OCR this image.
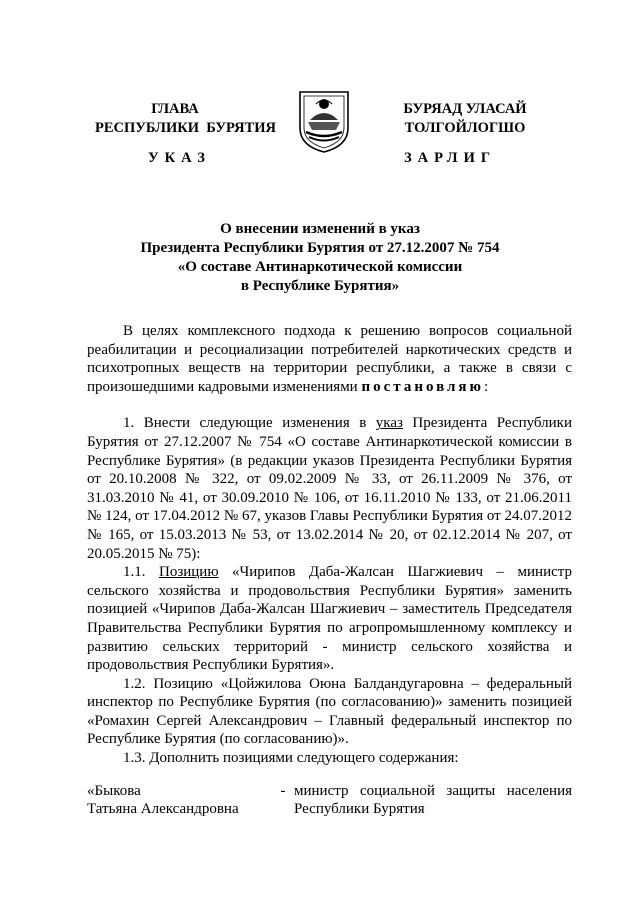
ГЛАВА
РЕСПУБЛИКИ  БУРЯТИЯ
БУРЯАД УЛАСАЙ
ТОЛГОЙЛОГШО
УКАЗ	ЗАРЛИГ
О внесении изменений в указ
Президента Республики Бурятия от 27.12.2007 № 754
«О составе Антинаркотической комиссии
в Республике Бурятия»

В целях комплексного подхода к решению вопросов социальной реабилитации и ресоциализации потребителей наркотических средств и психотропных веществ на территории республики, а также в связи с произошедшими кадровыми изменениями постановляю:

1. Внести следующие изменения в указ Президента Республики Бурятия от 27.12.2007 № 754 «О составе Антинаркотической комиссии в Республике Бурятия» (в редакции указов Президента Республики Бурятия от 20.10.2008 № 322, от 09.02.2009 № 33, от 26.11.2009 № 376, от 31.03.2010 № 41, от 30.09.2010 № 106, от 16.11.2010 № 133, от 21.06.2011 № 124, от 17.04.2012 № 67, указов Главы Республики Бурятия от 24.07.2012 № 165, от 15.03.2013 № 53, от 13.02.2014 № 20, от 02.12.2014 № 207, от 20.05.2015 № 75):

1.1. Позицию «Чирипов Даба-Жалсан Шагжиевич – министр сельского хозяйства и продовольствия Республики Бурятия» заменить позицией «Чирипов Даба-Жалсан Шагжиевич – заместитель Председателя Правительства Республики Бурятия по агропромышленному комплексу и развитию сельских территорий - министр сельского хозяйства и продовольствия Республики Бурятия».

1.2. Позицию «Цойжилова Оюна Балдандугаровна – федеральный инспектор по Республике Бурятия (по согласованию)» заменить позицией «Ромахин Сергей Александрович – Главный федеральный инспектор по Республике Бурятия (по согласованию)».

1.3. Дополнить позициями следующего содержания:

«Быкова
Татьяна Александровна
- министр социальной защиты населения Республики Бурятия
